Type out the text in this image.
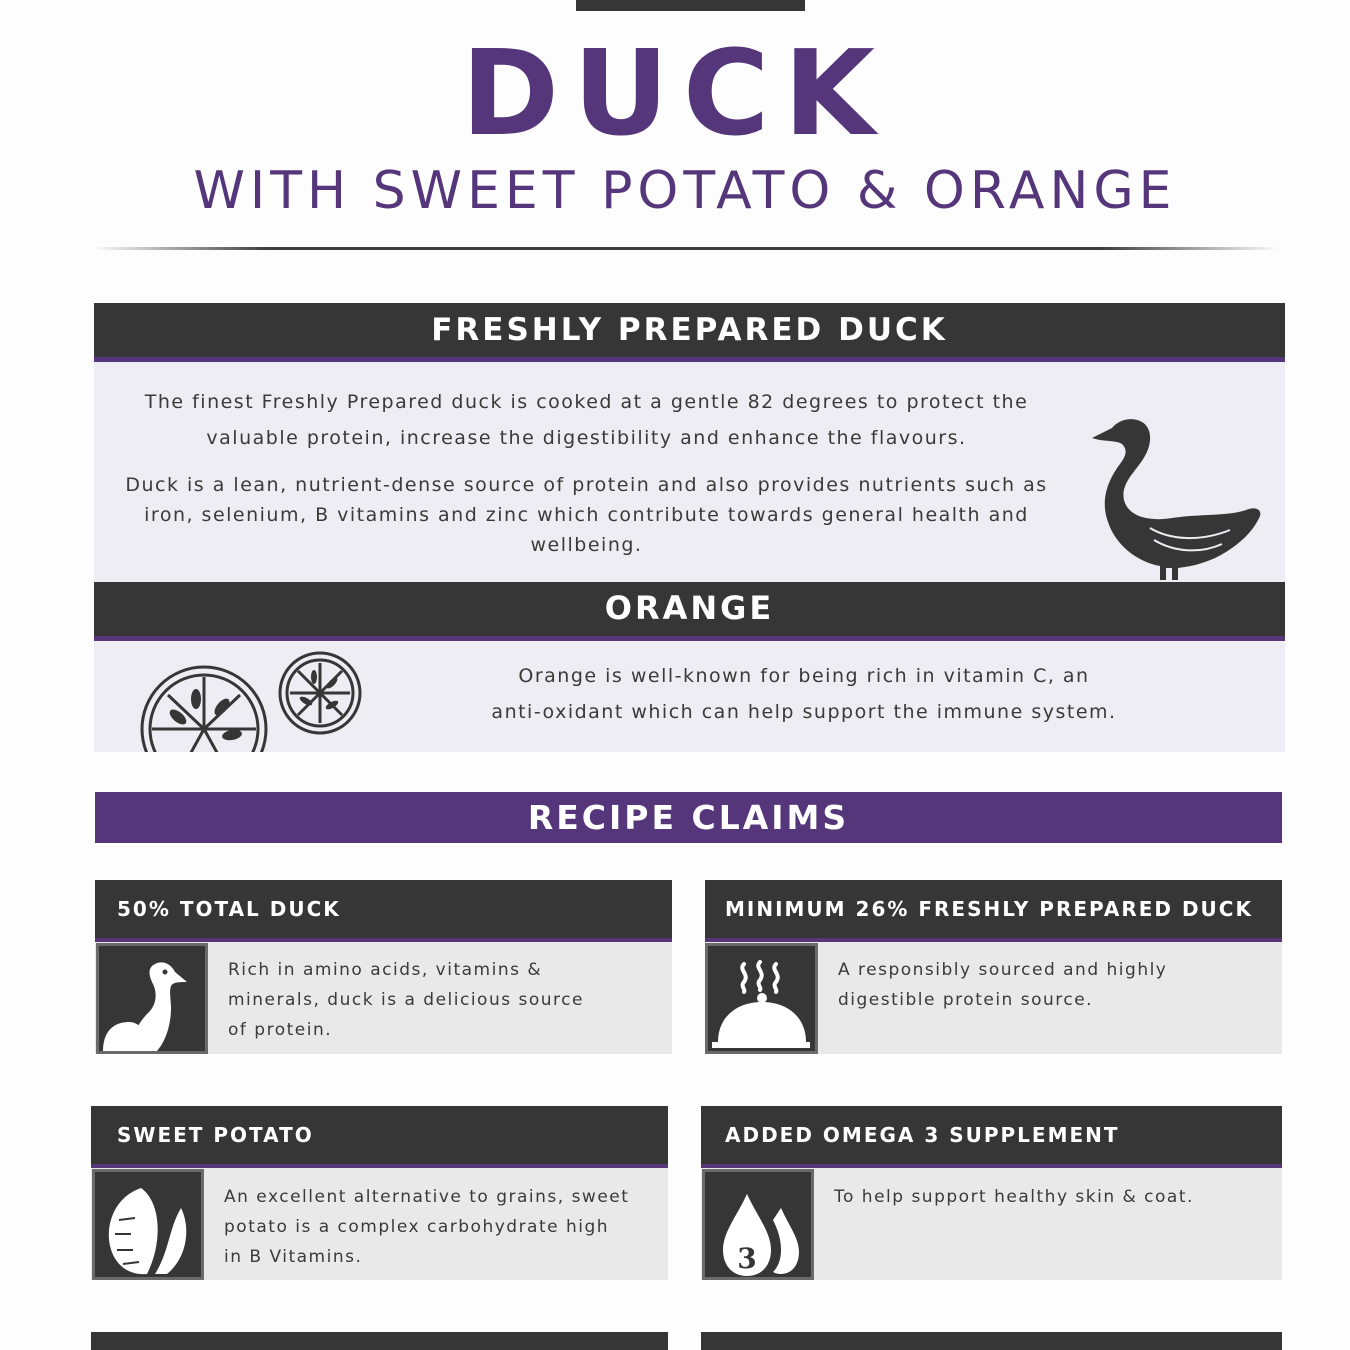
DUCK
WITH SWEET POTATO & ORANGE
FRESHLY PREPARED DUCK

The finest Freshly Prepared duck is cooked at a gentle 82 degrees to protect the

valuable protein, increase the digestibility and enhance the flavours.

Duck is a lean, nutrient-dense source of protein and also provides nutrients such as

iron, selenium, B vitamins and zinc which contribute towards general health and

wellbeing.

ORANGE

Orange is well-known for being rich in vitamin C, an

anti-oxidant which can help support the immune system.

RECIPE CLAIMS
50% TOTAL DUCK
Rich in amino acids, vitamins &
minerals, duck is a delicious source
of protein.
MINIMUM 26% FRESHLY PREPARED DUCK
A responsibly sourced and highly
digestible protein source.
SWEET POTATO
An excellent alternative to grains, sweet
potato is a complex carbohydrate high
in B Vitamins.
ADDED OMEGA 3 SUPPLEMENT
3
To help support healthy skin & coat.
